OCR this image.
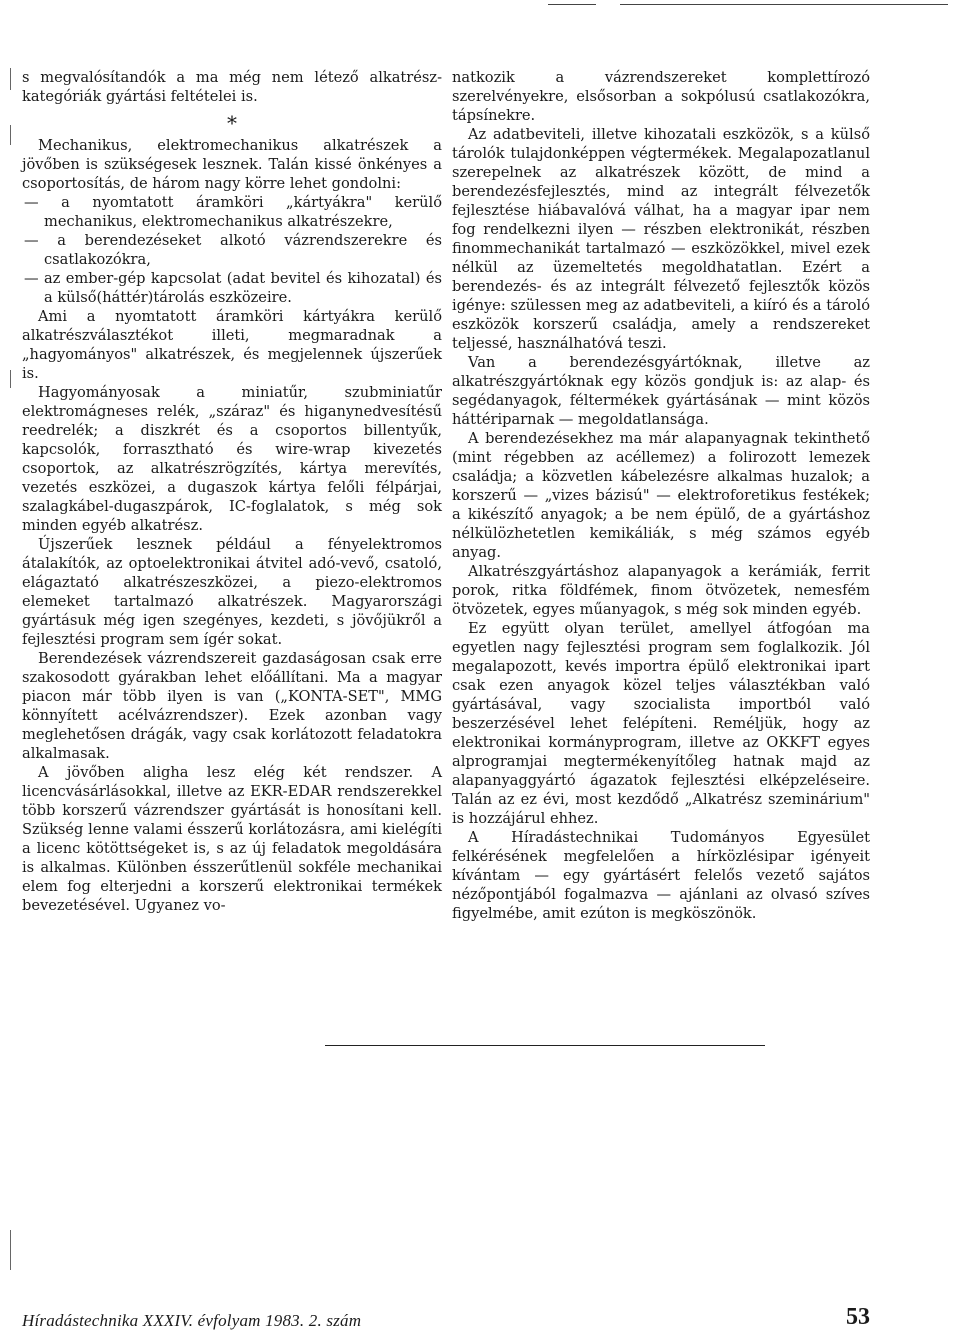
s megvalósítandók a ma még nem létező alkatrész-kategóriák gyártási feltételei is.

*

Mechanikus, elektromechanikus alkatrészek a jövőben is szükségesek lesznek. Talán kissé önkényes a csoportosítás, de három nagy körre lehet gondolni:

— a nyomtatott áramköri „kártyákra" kerülő mechanikus, elektromechanikus alkatrészekre,

— a berendezéseket alkotó vázrendszerekre és csatlakozókra,

— az ember-gép kapcsolat (adat bevitel és kihozatal) és a külső(háttér)tárolás eszközeire.

Ami a nyomtatott áramköri kártyákra kerülő alkatrészválasztékot illeti, megmaradnak a „hagyományos" alkatrészek, és megjelennek újszerűek is.

Hagyományosak a miniatűr, szubminiatűr elektromágneses relék, „száraz" és higanynedvesítésű reedrelék; a diszkrét és a csoportos billentyűk, kapcsolók, forrasztható és wire-wrap kivezetés csoportok, az alkatrészrögzítés, kártya merevítés, vezetés eszközei, a dugaszok kártya felőli félpárjai, szalagkábel-dugaszpárok, IC-foglalatok, s még sok minden egyéb alkatrész.

Újszerűek lesznek például a fényelektromos átalakítók, az optoelektronikai átvitel adó-vevő, csatoló, elágaztató alkatrészeszközei, a piezo-elektromos elemeket tartalmazó alkatrészek. Magyarországi gyártásuk még igen szegényes, kezdeti, s jövőjükről a fejlesztési program sem ígér sokat.

Berendezések vázrendszereit gazdaságosan csak erre szakosodott gyárakban lehet előállítani. Ma a magyar piacon már több ilyen is van („KONTA-SET", MMG könnyített acélvázrendszer). Ezek azonban vagy meglehetősen drágák, vagy csak korlátozott feladatokra alkalmasak.

A jövőben aligha lesz elég két rendszer. A licencvásárlásokkal, illetve az EKR-EDAR rendszerekkel több korszerű vázrendszer gyártását is honosítani kell. Szükség lenne valami ésszerű korlátozásra, ami kielégíti a licenc kötöttségeket is, s az új feladatok megoldására is alkalmas. Különben ésszerűtlenül sokféle mechanikai elem fog elterjedni a korszerű elektronikai termékek bevezetésével. Ugyanez vo-

natkozik a vázrendszereket komplettírozó szerelvényekre, elsősorban a sokpólusú csatlakozókra, tápsínekre.

Az adatbeviteli, illetve kihozatali eszközök, s a külső tárolók tulajdonképpen végtermékek. Megalapozatlanul szerepelnek az alkatrészek között, de mind a berendezésfejlesztés, mind az integrált félvezetők fejlesztése hiábavalóvá válhat, ha a magyar ipar nem fog rendelkezni ilyen — részben elektronikát, részben finommechanikát tartalmazó — eszközökkel, mivel ezek nélkül az üzemeltetés megoldhatatlan. Ezért a berendezés- és az integrált félvezető fejlesztők közös igénye: szülessen meg az adatbeviteli, a kiíró és a tároló eszközök korszerű családja, amely a rendszereket teljessé, használhatóvá teszi.

Van a berendezésgyártóknak, illetve az alkatrészgyártóknak egy közös gondjuk is: az alap- és segédanyagok, féltermékek gyártásának — mint közös háttériparnak — megoldatlansága.

A berendezésekhez ma már alapanyagnak tekinthető (mint régebben az acéllemez) a folirozott lemezek családja; a közvetlen kábelezésre alkalmas huzalok; a korszerű — „vizes bázisú" — elektroforetikus festékek; a kikészítő anyagok; a be nem épülő, de a gyártáshoz nélkülözhetetlen kemikáliák, s még számos egyéb anyag.

Alkatrészgyártáshoz alapanyagok a kerámiák, ferrit porok, ritka földfémek, finom ötvözetek, nemesfém ötvözetek, egyes műanyagok, s még sok minden egyéb.

Ez együtt olyan terület, amellyel átfogóan ma egyetlen nagy fejlesztési program sem foglalkozik. Jól megalapozott, kevés importra épülő elektronikai ipart csak ezen anyagok közel teljes választékban való gyártásával, vagy szocialista importból való beszerzésével lehet felépíteni. Reméljük, hogy az elektronikai kormányprogram, illetve az OKKFT egyes alprogramjai megtermékenyítőleg hatnak majd az alapanyaggyártó ágazatok fejlesztési elképzeléseire. Talán az ez évi, most kezdődő „Alkatrész szeminárium" is hozzájárul ehhez.

A Híradástechnikai Tudományos Egyesület felkérésének megfelelően a hírközlésipar igényeit kívántam — egy gyártásért felelős vezető sajátos nézőpontjából fogalmazva — ajánlani az olvasó szíves figyelmébe, amit ezúton is megköszönök.

Híradástechnika XXXIV. évfolyam 1983. 2. szám	53
